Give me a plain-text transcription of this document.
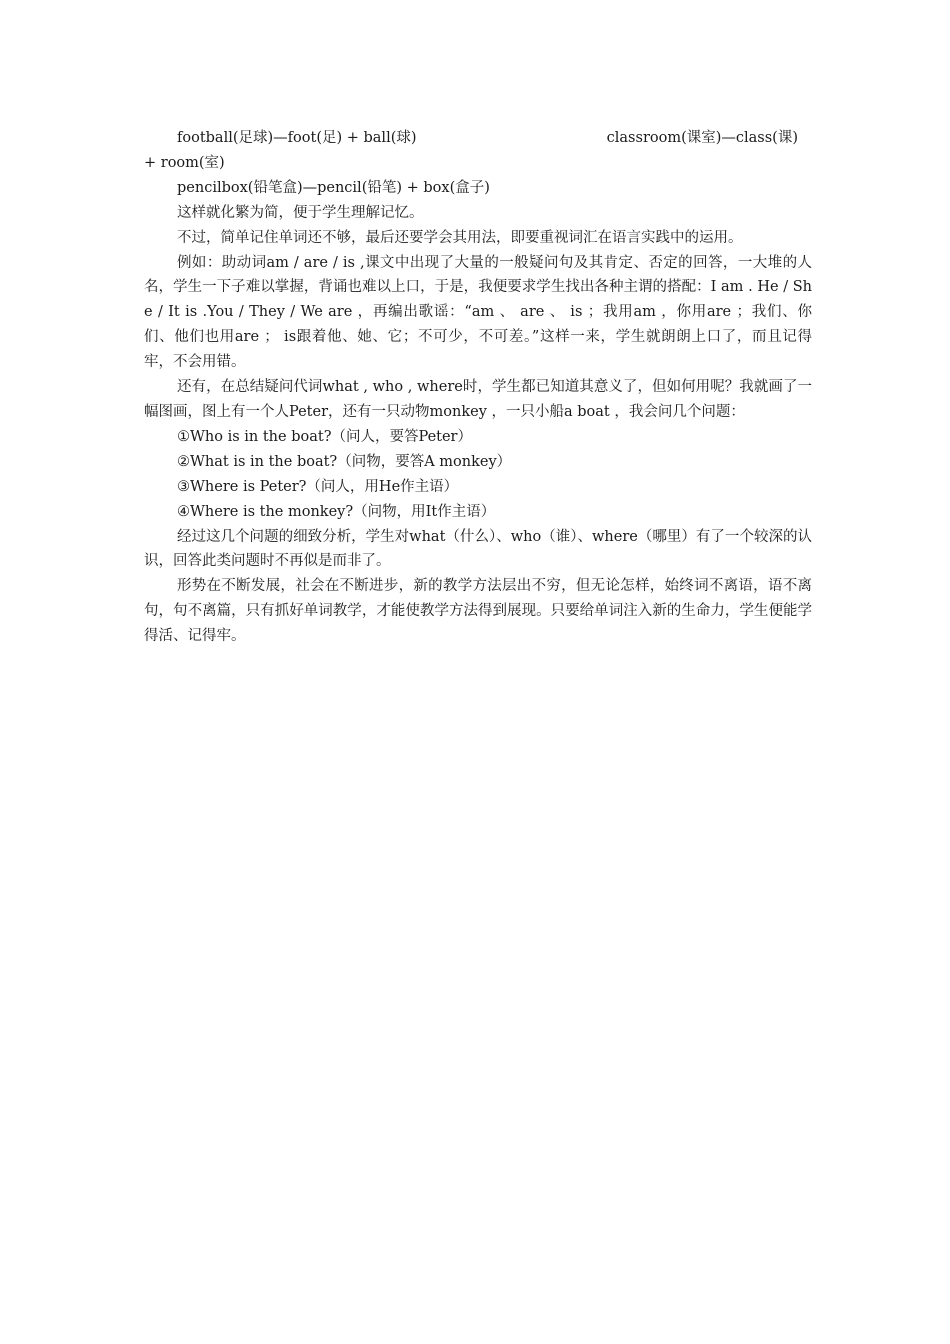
football(足球)—foot(足) + ball(球)	classroom(课室)—class(课)

+ room(室)

pencilbox(铅笔盒)—pencil(铅笔) + box(盒子)

这样就化繁为简，便于学生理解记忆。

不过，简单记住单词还不够，最后还要学会其用法，即要重视词汇在语言实践中的运用。

例如：助动词am / are / is ,课文中出现了大量的一般疑问句及其肯定、否定的回答，一大堆的人名，学生一下子难以掌握，背诵也难以上口，于是，我便要求学生找出各种主谓的搭配：I am . He / She / It is .You / They / We are ，再编出歌谣：“am 、 are 、 is ；我用am ，你用are ；我们、你们、他们也用are ； is跟着他、她、它；不可少，不可差。”这样一来，学生就朗朗上口了，而且记得牢，不会用错。

还有，在总结疑问代词what , who , where时，学生都已知道其意义了，但如何用呢？我就画了一幅图画，图上有一个人Peter，还有一只动物monkey ，一只小船a boat ，我会问几个问题：

①Who is in the boat?（问人，要答Peter）

②What is in the boat?（问物，要答A monkey）

③Where is Peter?（问人，用He作主语）

④Where is the monkey?（问物，用It作主语）

经过这几个问题的细致分析，学生对what（什么）、who（谁）、where（哪里）有了一个较深的认识，回答此类问题时不再似是而非了。

形势在不断发展，社会在不断进步，新的教学方法层出不穷，但无论怎样，始终词不离语，语不离句，句不离篇，只有抓好单词教学，才能使教学方法得到展现。只要给单词注入新的生命力，学生便能学得活、记得牢。
